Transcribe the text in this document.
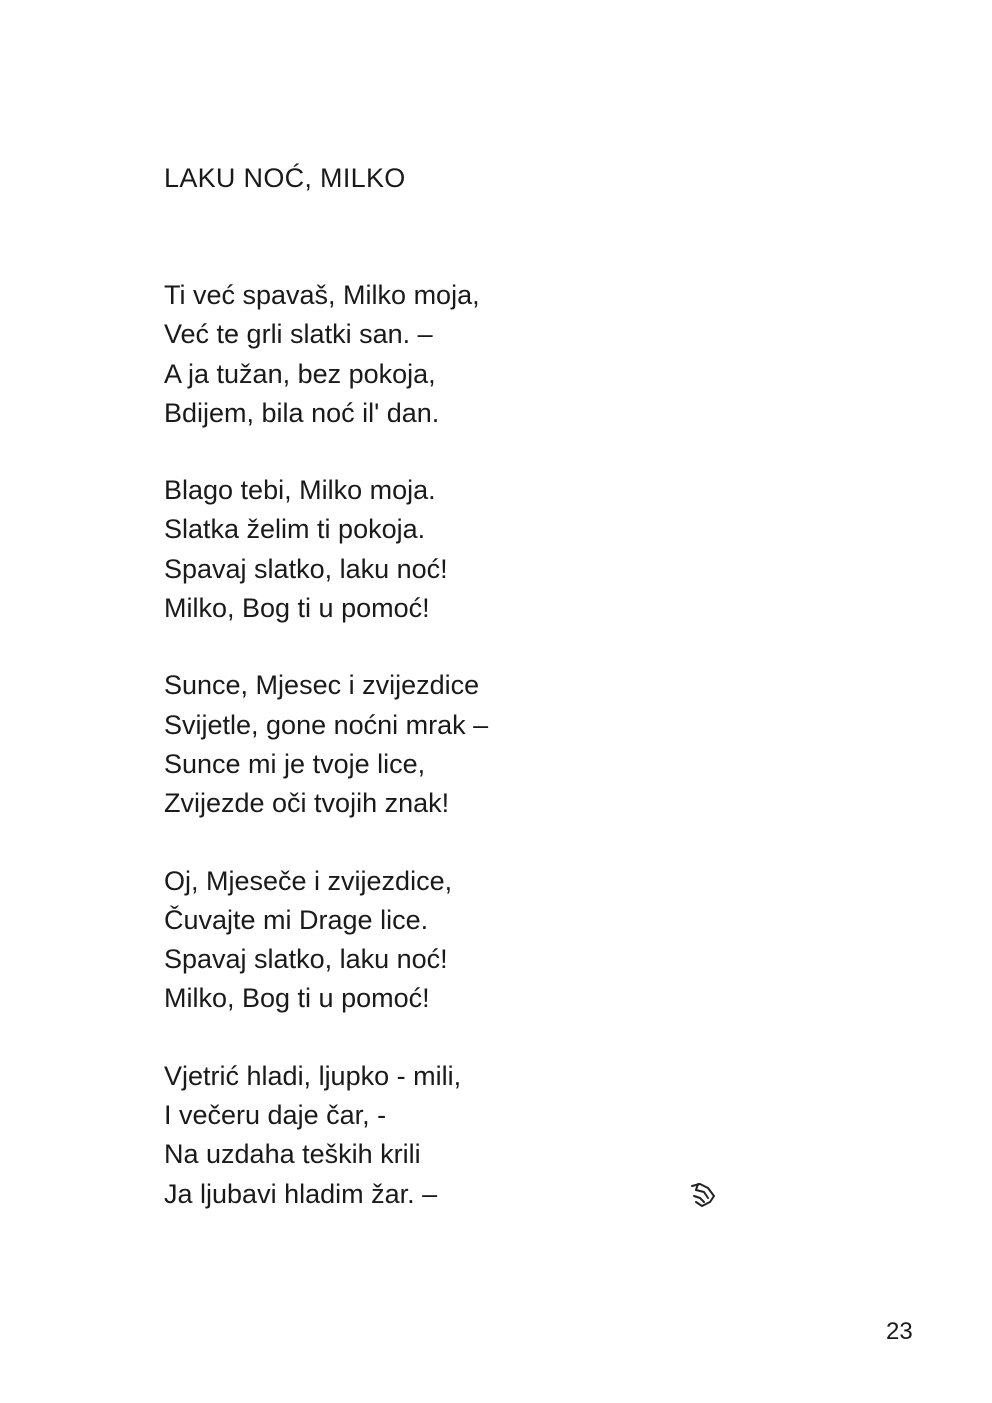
LAKU NOĆ, MILKO
Ti već spavaš, Milko moja,
Već te grli slatki san. –
A ja tužan, bez pokoja,
Bdijem, bila noć il' dan.
Blago tebi, Milko moja.
Slatka želim ti pokoja.
Spavaj slatko, laku noć!
Milko, Bog ti u pomoć!
Sunce, Mjesec i zvijezdice
Svijetle, gone noćni mrak –
Sunce mi je tvoje lice,
Zvijezde oči tvojih znak!
Oj, Mjeseče i zvijezdice,
Čuvajte mi Drage lice.
Spavaj slatko, laku noć!
Milko, Bog ti u pomoć!
Vjetrić hladi, ljupko - mili,
I večeru daje čar, -
Na uzdaha teških krili
Ja ljubavi hladim žar. –
23
